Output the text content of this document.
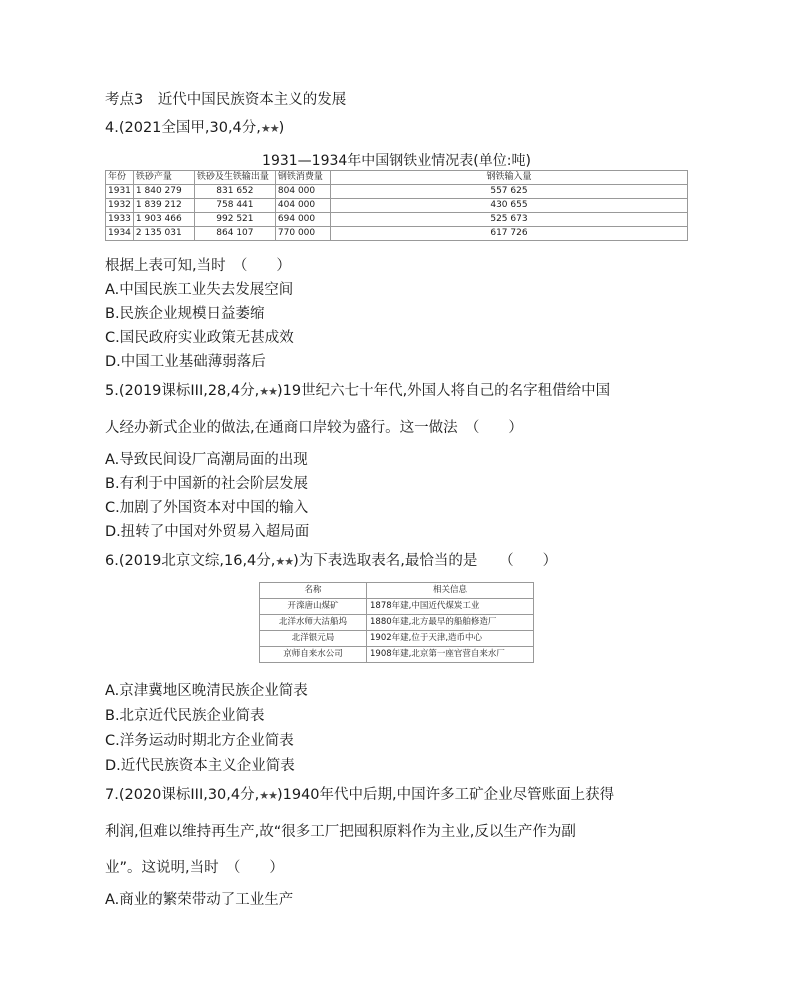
考点3　近代中国民族资本主义的发展
4.(2021全国甲,30,4分,★★)
1931—1934年中国钢铁业情况表(单位:吨)
年份	铁砂产量	铁砂及生铁输出量	钢铁消费量	钢铁输入量
1931	1 840 279	831 652	804 000	557 625
1932	1 839 212	758 441	404 000	430 655
1933	1 903 466	992 521	694 000	525 673
1934	2 135 031	864 107	770 000	617 726
根据上表可知,当时　（　　）
A.中国民族工业失去发展空间
B.民族企业规模日益萎缩
C.国民政府实业政策无甚成效
D.中国工业基础薄弱落后
5.(2019课标III,28,4分,★★)19世纪六七十年代,外国人将自己的名字租借给中国
人经办新式企业的做法,在通商口岸较为盛行。这一做法　（　　）
A.导致民间设厂高潮局面的出现
B.有利于中国新的社会阶层发展
C.加剧了外国资本对中国的输入
D.扭转了中国对外贸易入超局面
6.(2019北京文综,16,4分,★★)为下表选取表名,最恰当的是　　（　　）
名称	相关信息
开滦唐山煤矿	1878年建,中国近代煤炭工业
北洋水师大沽船坞	1880年建,北方最早的船舶修造厂
北洋银元局	1902年建,位于天津,造币中心
京师自来水公司	1908年建,北京第一座官营自来水厂
A.京津冀地区晚清民族企业简表
B.北京近代民族企业简表
C.洋务运动时期北方企业简表
D.近代民族资本主义企业简表
7.(2020课标III,30,4分,★★)1940年代中后期,中国许多工矿企业尽管账面上获得
利润,但难以维持再生产,故“很多工厂把囤积原料作为主业,反以生产作为副
业”。这说明,当时　（　　）
A.商业的繁荣带动了工业生产
